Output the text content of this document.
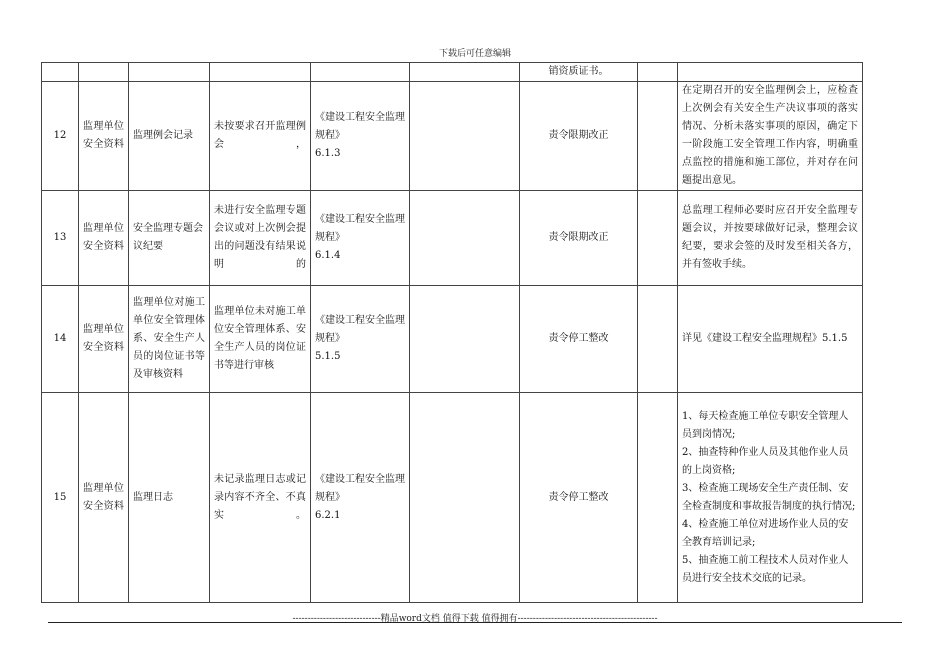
下载后可任意编辑
						销资质证书。		
12	监理单位安全资料	监理例会记录	未按要求召开监理例会，	《建设工程安全监理规程》
6.1.3		责令限期改正		在定期召开的安全监理例会上，应检查上次例会有关安全生产决议事项的落实情况、分析未落实事项的原因，确定下一阶段施工安全管理工作内容，明确重点监控的措施和施工部位，并对存在问题提出意见。
13	监理单位安全资料	安全监理专题会议纪要	未进行安全监理专题会议或对上次例会提出的问题没有结果说明的	《建设工程安全监理规程》
6.1.4		责令限期改正		总监理工程师必要时应召开安全监理专题会议，并按要球做好记录，整理会议纪要，要求会签的及时发至相关各方，并有签收手续。
14	监理单位安全资料	监理单位对施工单位安全管理体系、安全生产人员的岗位证书等及审核资料	监理单位未对施工单位安全管理体系、安全生产人员的岗位证书等进行审核	《建设工程安全监理规程》
5.1.5		责令停工整改		详见《建设工程安全监理规程》5.1.5
15	监理单位安全资料	监理日志	未记录监理日志或记录内容不齐全、不真实。	《建设工程安全监理规程》
6.2.1		责令停工整改		1、每天检查施工单位专职安全管理人员到岗情况;
2、抽查特种作业人员及其他作业人员的上岗资格;
3、检查施工现场安全生产责任制、安全检查制度和事故报告制度的执行情况;
4、检查施工单位对进场作业人员的安全教育培训记录;
5、抽查施工前工程技术人员对作业人员进行安全技术交底的记录。
-----------------------------精品word文档 值得下载 值得拥有----------------------------------------------
